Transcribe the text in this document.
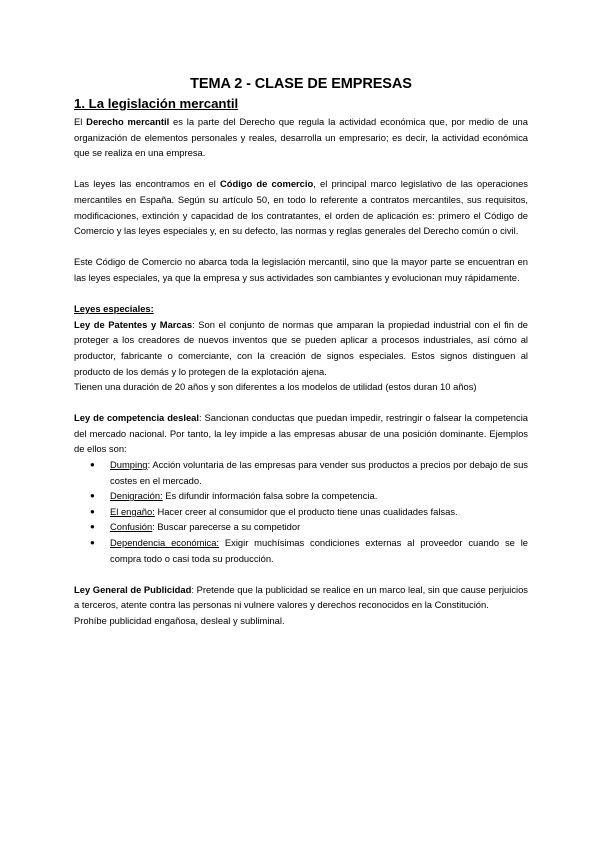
TEMA 2 - CLASE DE EMPRESAS
1. La legislación mercantil

El Derecho mercantil es la parte del Derecho que regula la actividad económica que, por medio de una organización de elementos personales y reales, desarrolla un empresario; es decir, la actividad económica que se realiza en una empresa.

Las leyes las encontramos en el Código de comercio, el principal marco legislativo de las operaciones mercantiles en España. Según su artículo 50, en todo lo referente a contratos mercantiles, sus requisitos, modificaciones, extinción y capacidad de los contratantes, el orden de aplicación es: primero el Código de Comercio y las leyes especiales y, en su defecto, las normas y reglas generales del Derecho común o civil.

Este Código de Comercio no abarca toda la legislación mercantil, sino que la mayor parte se encuentran en las leyes especiales, ya que la empresa y sus actividades son cambiantes y evolucionan muy rápidamente.

Leyes especiales:

Ley de Patentes y Marcas: Son el conjunto de normas que amparan la propiedad industrial con el fin de proteger a los creadores de nuevos inventos que se pueden aplicar a procesos industriales, así cómo al productor, fabricante o comerciante, con la creación de signos especiales. Estos signos distinguen al producto de los demás y lo protegen de la explotación ajena.

Tienen una duración de 20 años y son diferentes a los modelos de utilidad (estos duran 10 años)

Ley de competencia desleal: Sancionan conductas que puedan impedir, restringir o falsear la competencia del mercado nacional. Por tanto, la ley impide a las empresas abusar de una posición dominante. Ejemplos de ellos son:

● Dumping: Acción voluntaria de las empresas para vender sus productos a precios por debajo de sus costes en el mercado.
● Denigración: Es difundir información falsa sobre la competencia.
● El engaño: Hacer creer al consumidor que el producto tiene unas cualidades falsas.
● Confusión: Buscar parecerse a su competidor
● Dependencia económica: Exigir muchísimas condiciones externas al proveedor cuando se le compra todo o casi toda su producción.

Ley General de Publicidad: Pretende que la publicidad se realice en un marco leal, sin que cause perjuicios a terceros, atente contra las personas ni vulnere valores y derechos reconocidos en la Constitución.

Prohíbe publicidad engañosa, desleal y subliminal.
